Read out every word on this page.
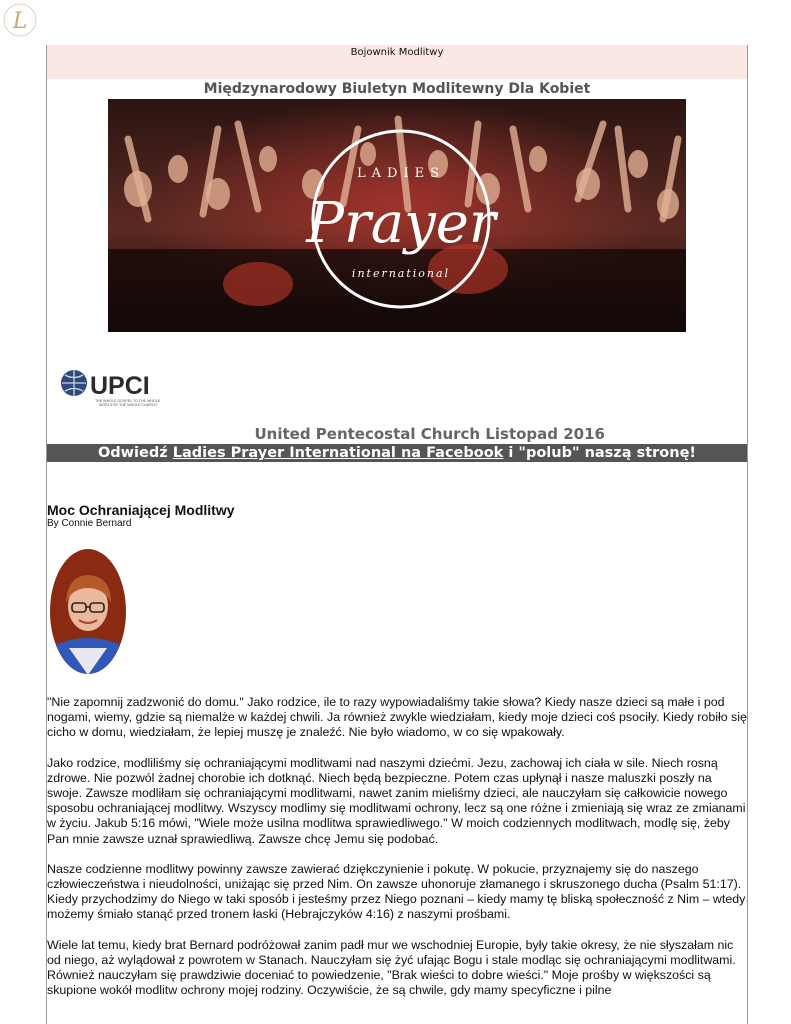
L
Bojownik Modlitwy
Międzynarodowy Biuletyn Modlitewny Dla Kobiet
LADIES
Prayer
international
UPCI
THE WHOLE GOSPEL TO THE WHOLE
WORLD BY THE WHOLE CHURCH
United Pentecostal Church Listopad 2016
Odwiedź Ladies Prayer International na Facebook i "polub" naszą stronę!
Moc Ochraniającej Modlitwy

By Connie Bernard

"Nie zapomnij zadzwonić do domu." Jako rodzice, ile to razy wypowiadaliśmy takie słowa? Kiedy nasze dzieci są małe i pod nogami, wiemy, gdzie są niemalże w każdej chwili. Ja również zwykle wiedziałam, kiedy moje dzieci coś psociły. Kiedy robiło się cicho w domu, wiedziałam, że lepiej muszę je znaleźć. Nie było wiadomo, w co się wpakowały.

Jako rodzice, modliliśmy się ochraniającymi modlitwami nad naszymi dziećmi. Jezu, zachowaj ich ciała w sile. Niech rosną zdrowe. Nie pozwól żadnej chorobie ich dotknąć. Niech będą bezpieczne. Potem czas upłynął i nasze maluszki poszły na swoje. Zawsze modliłam się ochraniającymi modlitwami, nawet zanim mieliśmy dzieci, ale nauczyłam się całkowicie nowego sposobu ochraniającej modlitwy. Wszyscy modlimy się modlitwami ochrony, lecz są one różne i zmieniają się wraz ze zmianami w życiu. Jakub 5:16 mówi, "Wiele może usilna modlitwa sprawiedliwego." W moich codziennych modlitwach, modlę się, żeby Pan mnie zawsze uznał sprawiedliwą. Zawsze chcę Jemu się podobać.

Nasze codzienne modlitwy powinny zawsze zawierać dziękczynienie i pokutę. W pokucie, przyznajemy się do naszego człowieczeństwa i nieudolności, uniżając się przed Nim. On zawsze uhonoruje złamanego i skruszonego ducha (Psalm 51:17). Kiedy przychodzimy do Niego w taki sposób i jesteśmy przez Niego poznani – kiedy mamy tę bliską społeczność z Nim – wtedy możemy śmiało stanąć przed tronem łaski (Hebrajczyków 4:16) z naszymi prośbami.

Wiele lat temu, kiedy brat Bernard podróżował zanim padł mur we wschodniej Europie, były takie okresy, że nie słyszałam nic od niego, aż wylądował z powrotem w Stanach. Nauczyłam się żyć ufając Bogu i stale modląc się ochraniającymi modlitwami. Również nauczyłam się prawdziwie doceniać to powiedzenie, "Brak wieści to dobre wieści." Moje prośby w większości są skupione wokół modlitw ochrony mojej rodziny. Oczywiście, że są chwile, gdy mamy specyficzne i pilne
